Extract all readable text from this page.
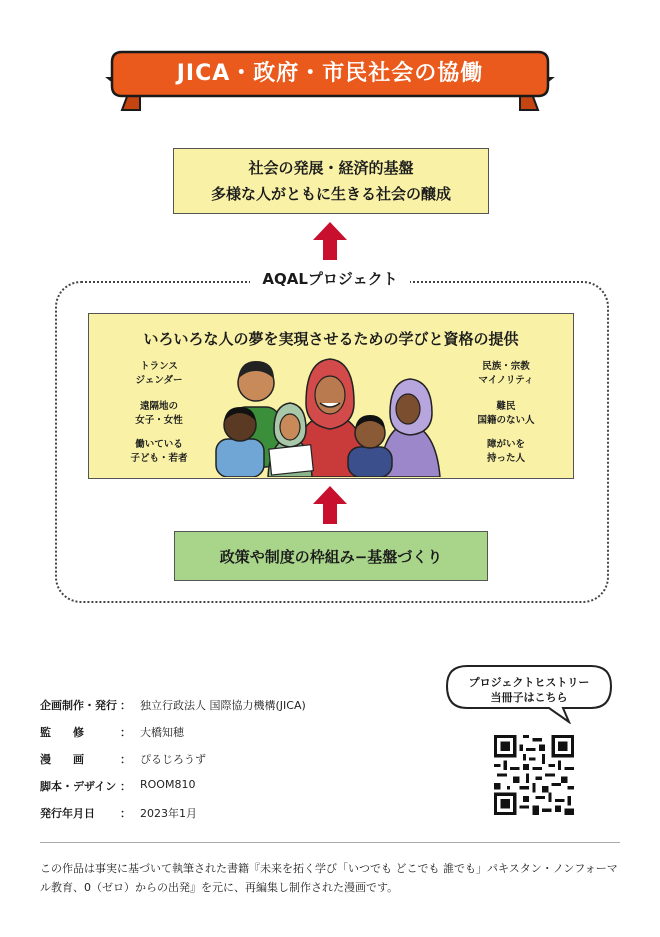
JICA・政府・市民社会の協働
社会の発展・経済的基盤
多様な人がともに生きる社会の醸成
AQALプロジェクト
いろいろな人の夢を実現させるための学びと資格の提供
トランス
ジェンダー
遠隔地の
女子・女性
働いている
子ども・若者
民族・宗教
マイノリティ
難民
国籍のない人
障がいを
持った人
政策や制度の枠組み−基盤づくり
プロジェクトヒストリー
当冊子はこちら
企画制作・発行 ： 独立行政法人 国際協力機構(JICA)
監　　修	： 大橋知穂
漫　　画	： ぴるじろうず
脚本・デザイン ： ROOM810
発行年月日	： 2023年1月
この作品は事実に基づいて執筆された書籍『未来を拓く学び「いつでも どこでも 誰でも」パキスタン・ノンフォーマル教育、0（ゼロ）からの出発』を元に、再編集し制作された漫画です。
